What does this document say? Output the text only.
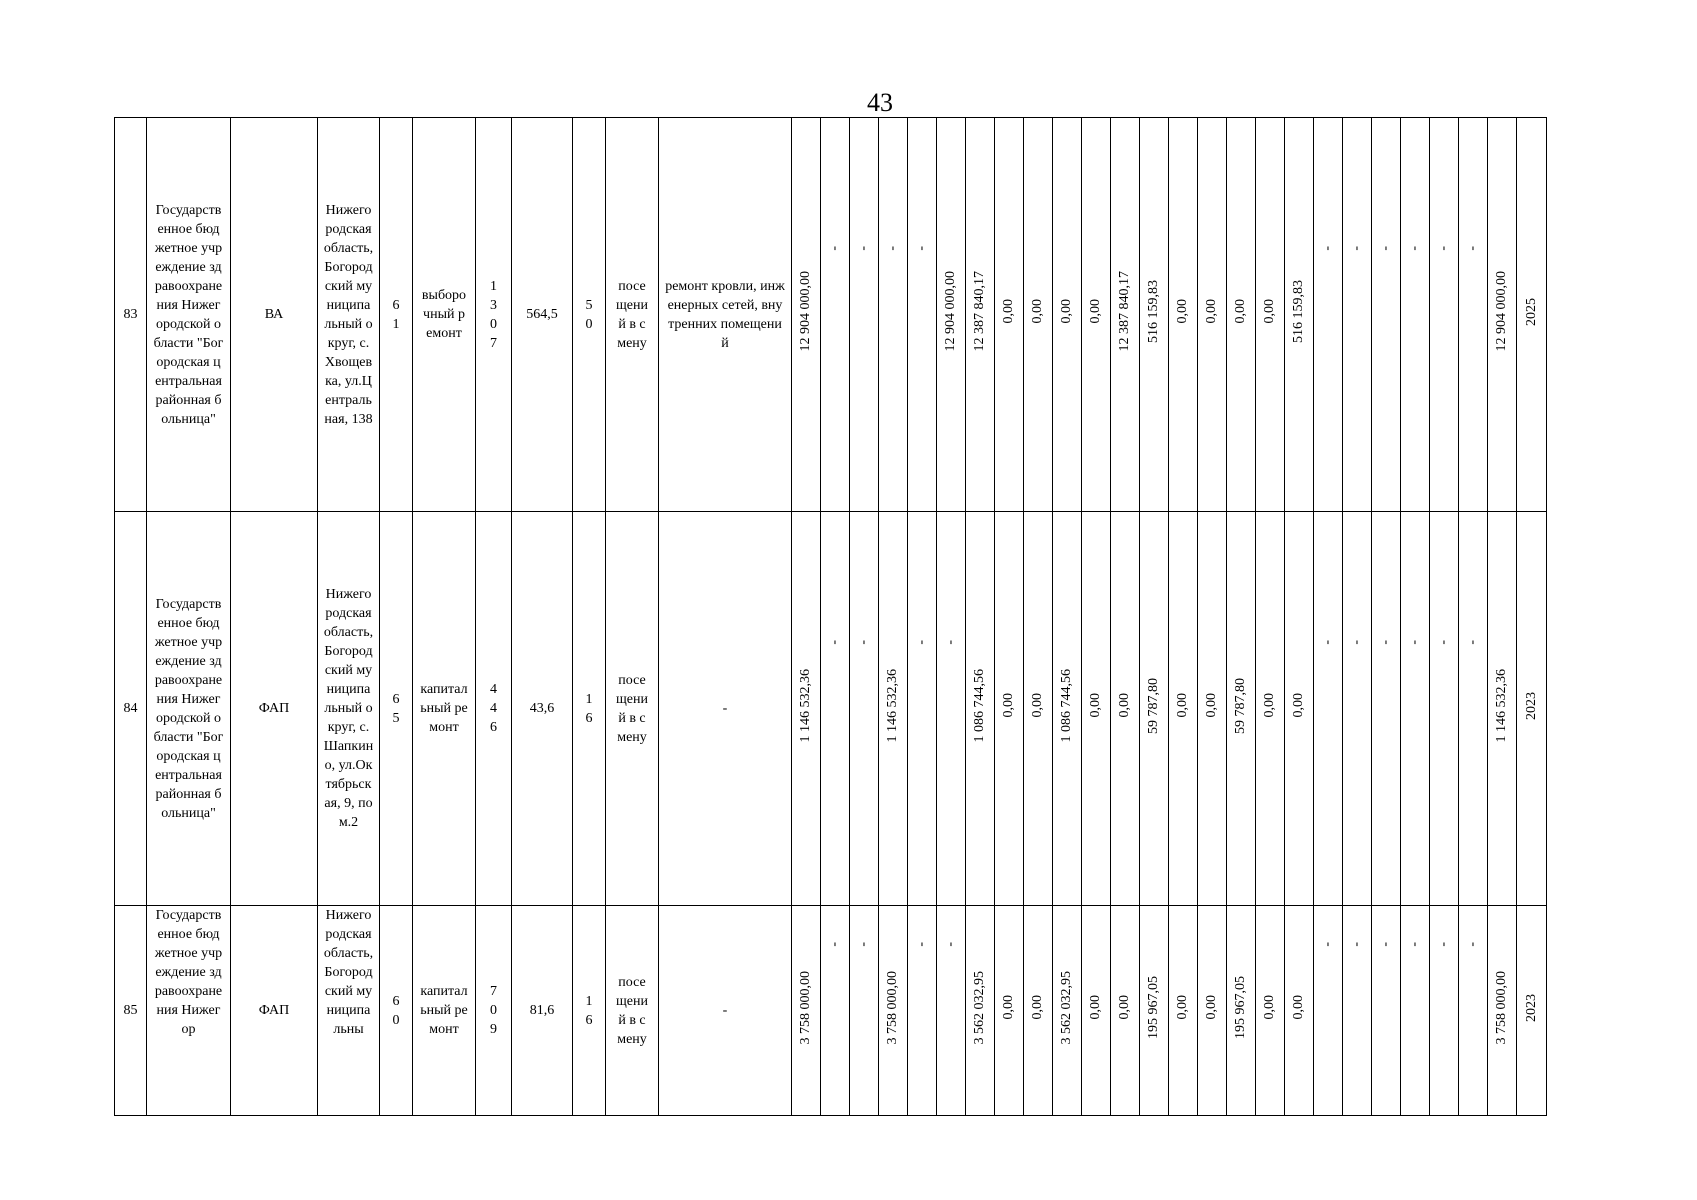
43
83	Государственное бюджетное учреждение здравоохранения Нижегородской области "Богородская центральная районная больница"	ВА	Нижегородская область, Богородский муниципальный округ, с. Хвощевка, ул.Центральная, 138	61	выборочный ремонт	1307	564,5	50	посещений в смену	ремонт кровли, инженерных сетей, внутренних помещений	12 904 000,00	-	-	-	-	12 904 000,00	12 387 840,17	0,00	0,00	0,00	0,00	12 387 840,17	516 159,83	0,00	0,00	0,00	0,00	516 159,83	-	-	-	-	-	-	12 904 000,00	2025

84	Государственное бюджетное учреждение здравоохранения Нижегородской области "Богородская центральная районная больница"	ФАП	Нижегородская область, Богородский муниципальный округ, с. Шапкино, ул.Октябрьская, 9, пом.2	65	капитальный ремонт	446	43,6	16	посещений в смену	-	1 146 532,36	-	-	1 146 532,36	-	-	1 086 744,56	0,00	0,00	1 086 744,56	0,00	0,00	59 787,80	0,00	0,00	59 787,80	0,00	0,00	-	-	-	-	-	-	1 146 532,36	2023

85	Государственное бюджетное учреждение здравоохранения Нижегор	ФАП	Нижегородская область, Богородский муниципальны	60	капитальный ремонт	709	81,6	16	посещений в смену	-	3 758 000,00	-	-	3 758 000,00	-	-	3 562 032,95	0,00	0,00	3 562 032,95	0,00	0,00	195 967,05	0,00	0,00	195 967,05	0,00	0,00	-	-	-	-	-	-	3 758 000,00	2023
